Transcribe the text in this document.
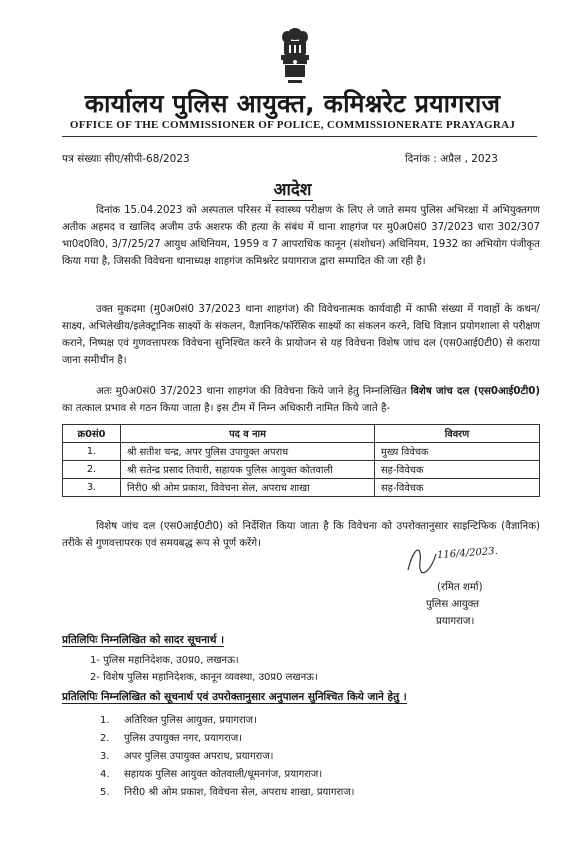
कार्यालय पुलिस आयुक्त, कमिश्नरेट प्रयागराज
OFFICE OF THE COMMISSIONER OF POLICE, COMMISSIONERATE PRAYAGRAJ
पत्र संख्याः सीए/सीपी-68/2023	दिनांक : अप्रैल , 2023
आदेश
दिनांक 15.04.2023 को अस्पताल परिसर में स्वास्थ्य परीक्षण के लिए ले जाते समय पुलिस अभिरक्षा में अभियुक्तगण अतीक अहमद व खालिद अजीम उर्फ अशरफ की हत्या के संबंध में थाना शाहगंज पर मु0अ0सं0 37/2023 धारा 302/307 भा0द0वि0, 3/7/25/27 आयुध अधिनियम, 1959 व 7 आपराधिक कानून (संशोधन) अधिनियम, 1932 का अभियोग पंजीकृत किया गया है, जिसकी विवेचना थानाध्यक्ष शाहगंज कमिश्नरेट प्रयागराज द्वारा सम्पादित की जा रही है।
उक्त मुकदमा (मु0अ0सं0 37/2023 थाना शाहगंज) की विवेचनात्मक कार्यवाही में काफी संख्या में गवाहों के कथन/साक्ष्य, अभिलेखीय/इलेक्ट्रानिक साक्ष्यों के संकलन, वैज्ञानिक/फॉरेंसिक साक्ष्यों का संकलन करने, विधि विज्ञान प्रयोगशाला से परीक्षण कराने, निष्पक्ष एवं गुणवत्तापरक विवेचना सुनिश्चित करने के प्रायोजन से यह विवेचना विशेष जांच दल (एस0आई0टी0) से कराया जाना समीचीन है।
अतः मु0अ0सं0 37/2023 थाना शाहगंज की विवेचना किये जाने हेतु निम्नलिखित विशेष जांच दल (एस0आई0टी0) का तत्काल प्रभाव से गठन किया जाता है। इस टीम में निम्न अधिकारी नामित किये जाते है-
क्र0सं0	पद व नाम	विवरण
1.	श्री सतीश चन्द्र, अपर पुलिस उपायुक्त अपराध	मुख्य विवेचक
2.	श्री सतेन्द्र प्रसाद तिवारी, सहायक पुलिस आयुक्त कोतवाली	सह-विवेचक
3.	निरी0 श्री ओम प्रकाश, विवेचना सेल, अपराध शाखा	सह-विवेचक
विशेष जांच दल (एस0आई0टी0) को निर्देशित किया जाता है कि विवेचना को उपरोक्तानुसार साइन्टिफिक (वैज्ञानिक) तरीके से गुणवत्तापरक एवं समयबद्ध रूप से पूर्ण करेंगे।
116/4/2023.
(रमित शर्मा)
पुलिस आयुक्त
प्रयागराज।
प्रतिलिपिः निम्नलिखित को सादर सूचनार्थ ।
1- पुलिस महानिदेशक, उ0प्र0, लखनऊ।
2- विशेष पुलिस महानिदेशक, कानून व्यवस्था, उ0प्र0 लखनऊ।
प्रतिलिपिः निम्नलिखित को सूचनार्थ एवं उपरोक्तानुसार अनुपालन सुनिश्चित किये जाने हेतु ।
1. अतिरिक्त पुलिस आयुक्त, प्रयागराज।
2. पुलिस उपायुक्त नगर, प्रयागराज।
3. अपर पुलिस उपायुक्त अपराध, प्रयागराज।
4. सहायक पुलिस आयुक्त कोतवाली/धूमनगंज, प्रयागराज।
5. निरी0 श्री ओम प्रकाश, विवेचना सेल, अपराध शाखा, प्रयागराज।
